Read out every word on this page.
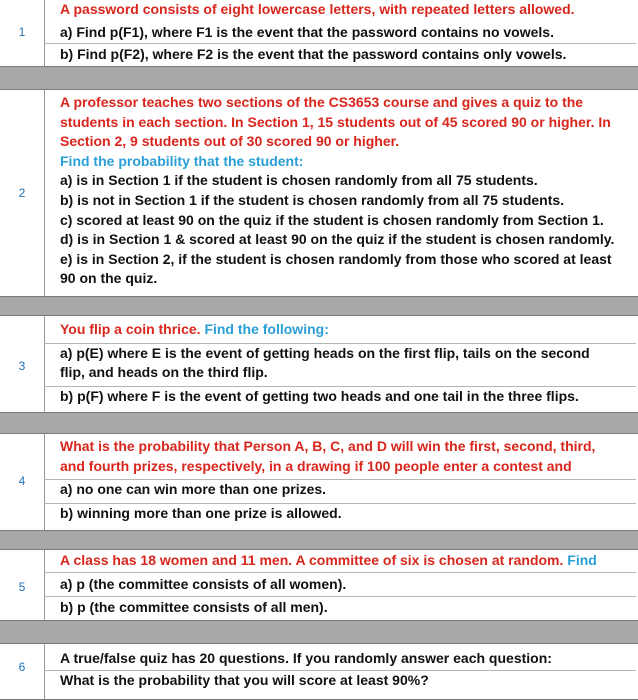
1
A password consists of eight lowercase letters, with repeated letters allowed.
a) Find p(F1), where F1 is the event that the password contains no vowels.
b) Find p(F2), where F2 is the event that the password contains only vowels.
2
A professor teaches two sections of the CS3653 course and gives a quiz to the
students in each section. In Section 1, 15 students out of 45 scored 90 or higher. In
Section 2, 9 students out of 30 scored 90 or higher.
Find the probability that the student:
a) is in Section 1 if the student is chosen randomly from all 75 students.
b) is not in Section 1 if the student is chosen randomly from all 75 students.
c) scored at least 90 on the quiz if the student is chosen randomly from Section 1.
d) is in Section 1 & scored at least 90 on the quiz if the student is chosen randomly.
e) is in Section 2, if the student is chosen randomly from those who scored at least
90 on the quiz.
3
You flip a coin thrice. Find the following:
a) p(E) where E is the event of getting heads on the first flip, tails on the second
flip, and heads on the third flip.
b) p(F) where F is the event of getting two heads and one tail in the three flips.
4
What is the probability that Person A, B, C, and D will win the first, second, third,
and fourth prizes, respectively, in a drawing if 100 people enter a contest and
a) no one can win more than one prizes.
b) winning more than one prize is allowed.
5
A class has 18 women and 11 men. A committee of six is chosen at random. Find
a) p (the committee consists of all women).
b) p (the committee consists of all men).
6
A true/false quiz has 20 questions. If you randomly answer each question:
What is the probability that you will score at least 90%?
